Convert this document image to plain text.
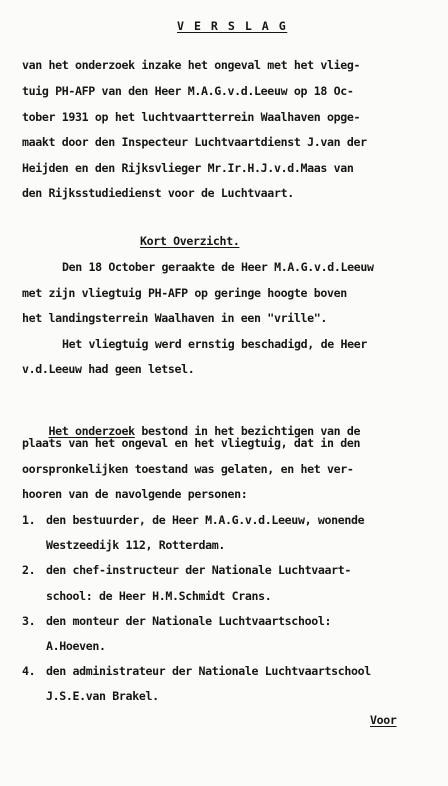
V E R S L A G
van het onderzoek inzake het ongeval met het vlieg-
tuig PH-AFP van den Heer M.A.G.v.d.Leeuw op 18 Oc-
tober 1931 op het luchtvaartterrein Waalhaven opge-
maakt door den Inspecteur Luchtvaartdienst J.van der
Heijden en den Rijksvlieger Mr.Ir.H.J.v.d.Maas van
den Rijksstudiedienst voor de Luchtvaart.
Kort Overzicht.
Den 18 October geraakte de Heer M.A.G.v.d.Leeuw
met zijn vliegtuig PH-AFP op geringe hoogte boven
het landingsterrein Waalhaven in een "vrille".
Het vliegtuig werd ernstig beschadigd, de Heer
v.d.Leeuw had geen letsel.

Het onderzoek bestond in het bezichtigen van de

plaats van het ongeval en het vliegtuig, dat in den
oorspronkelijken toestand was gelaten, en het ver-
hooren van de navolgende personen:
1. den bestuurder, de Heer M.A.G.v.d.Leeuw, wonende
Westzeedijk 112, Rotterdam.
2. den chef-instructeur der Nationale Luchtvaart-
school: de Heer H.M.Schmidt Crans.
3. den monteur der Nationale Luchtvaartschool:
A.Hoeven.
4. den administrateur der Nationale Luchtvaartschool
J.S.E.van Brakel.
Voor
